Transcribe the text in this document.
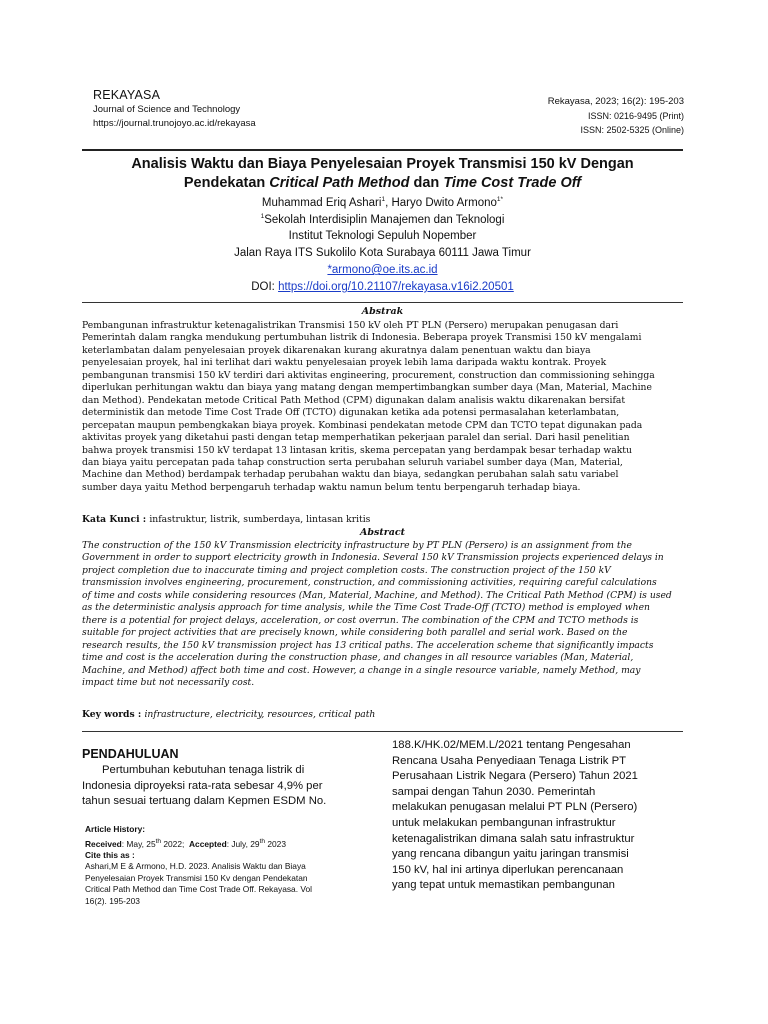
REKAYASA
Journal of Science and Technology
https://journal.trunojoyo.ac.id/rekayasa
Rekayasa, 2023; 16(2): 195-203
ISSN: 0216-9495 (Print)
ISSN: 2502-5325 (Online)
Analisis Waktu dan Biaya Penyelesaian Proyek Transmisi 150 kV Dengan
Pendekatan Critical Path Method dan Time Cost Trade Off
Muhammad Eriq Ashari$^1$, Haryo Dwito Armono$^{1*}$
$^1$Sekolah Interdisiplin Manajemen dan Teknologi
Institut Teknologi Sepuluh Nopember
Jalan Raya ITS Sukolilo Kota Surabaya 60111 Jawa Timur
*armono@oe.its.ac.id
DOI: https://doi.org/10.21107/rekayasa.v16i2.20501
Abstrak
Pembangunan infrastruktur ketenagalistrikan Transmisi 150 kV oleh PT PLN (Persero) merupakan penugasan dari
Pemerintah dalam rangka mendukung pertumbuhan listrik di Indonesia. Beberapa proyek Transmisi 150 kV mengalami
keterlambatan dalam penyelesaian proyek dikarenakan kurang akuratnya dalam penentuan waktu dan biaya
penyelesaian proyek, hal ini terlihat dari waktu penyelesaian proyek lebih lama daripada waktu kontrak. Proyek
pembangunan transmisi 150 kV terdiri dari aktivitas engineering, procurement, construction dan commissioning sehingga
diperlukan perhitungan waktu dan biaya yang matang dengan mempertimbangkan sumber daya (Man, Material, Machine
dan Method). Pendekatan metode Critical Path Method (CPM) digunakan dalam analisis waktu dikarenakan bersifat
deterministik dan metode Time Cost Trade Off (TCTO) digunakan ketika ada potensi permasalahan keterlambatan,
percepatan maupun pembengkakan biaya proyek. Kombinasi pendekatan metode CPM dan TCTO tepat digunakan pada
aktivitas proyek yang diketahui pasti dengan tetap memperhatikan pekerjaan paralel dan serial. Dari hasil penelitian
bahwa proyek transmisi 150 kV terdapat 13 lintasan kritis, skema percepatan yang berdampak besar terhadap waktu
dan biaya yaitu percepatan pada tahap construction serta perubahan seluruh variabel sumber daya (Man, Material,
Machine dan Method) berdampak terhadap perubahan waktu dan biaya, sedangkan perubahan salah satu variabel
sumber daya yaitu Method berpengaruh terhadap waktu namun belum tentu berpengaruh terhadap biaya.
Kata Kunci : infastruktur, listrik, sumberdaya, lintasan kritis
Abstract
The construction of the 150 kV Transmission electricity infrastructure by PT PLN (Persero) is an assignment from the
Government in order to support electricity growth in Indonesia. Several 150 kV Transmission projects experienced delays in
project completion due to inaccurate timing and project completion costs. The construction project of the 150 kV
transmission involves engineering, procurement, construction, and commissioning activities, requiring careful calculations
of time and costs while considering resources (Man, Material, Machine, and Method). The Critical Path Method (CPM) is used
as the deterministic analysis approach for time analysis, while the Time Cost Trade-Off (TCTO) method is employed when
there is a potential for project delays, acceleration, or cost overrun. The combination of the CPM and TCTO methods is
suitable for project activities that are precisely known, while considering both parallel and serial work. Based on the
research results, the 150 kV transmission project has 13 critical paths. The acceleration scheme that significantly impacts
time and cost is the acceleration during the construction phase, and changes in all resource variables (Man, Material,
Machine, and Method) affect both time and cost. However, a change in a single resource variable, namely Method, may
impact time but not necessarily cost.
Key words : infrastructure, electricity, resources, critical path
PENDAHULUAN
Pertumbuhan kebutuhan tenaga listrik di
Indonesia diproyeksi rata-rata sebesar 4,9% per
tahun sesuai tertuang dalam Kepmen ESDM No.
Article History:
Received: May, 25th 2022; Accepted: July, 29th 2023
Cite this as :
Ashari,M E & Armono, H.D. 2023. Analisis Waktu dan Biaya
Penyelesaian Proyek Transmisi 150 Kv dengan Pendekatan
Critical Path Method dan Time Cost Trade Off. Rekayasa. Vol
16(2). 195-203
188.K/HK.02/MEM.L/2021 tentang Pengesahan
Rencana Usaha Penyediaan Tenaga Listrik PT
Perusahaan Listrik Negara (Persero) Tahun 2021
sampai dengan Tahun 2030. Pemerintah
melakukan penugasan melalui PT PLN (Persero)
untuk melakukan pembangunan infrastruktur
ketenagalistrikan dimana salah satu infrastruktur
yang rencana dibangun yaitu jaringan transmisi
150 kV, hal ini artinya diperlukan perencanaan
yang tepat untuk memastikan pembangunan
